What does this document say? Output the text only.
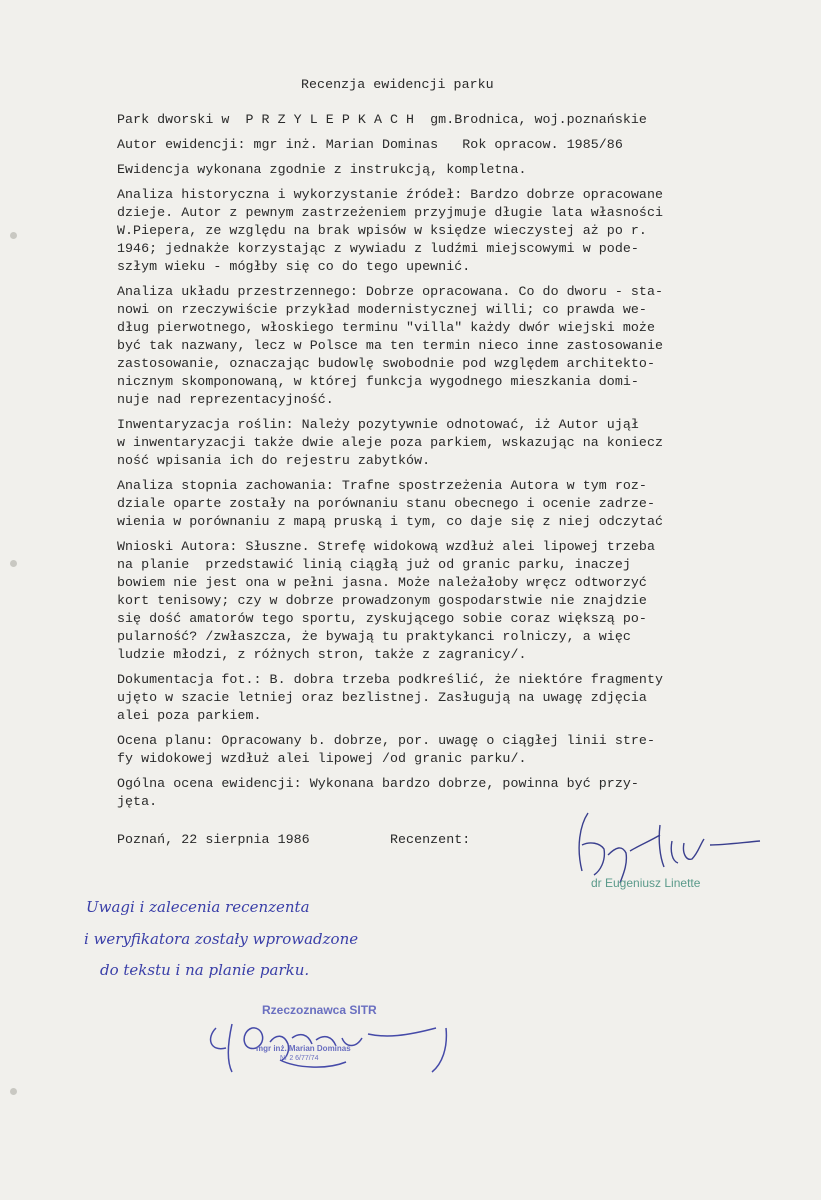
Recenzja ewidencji parku
Park dworski w  P R Z Y L E P K A C H  gm.Brodnica, woj.poznańskie
Autor ewidencji: mgr inż. Marian Dominas   Rok opracow. 1985/86
Ewidencja wykonana zgodnie z instrukcją, kompletna.
Analiza historyczna i wykorzystanie źródeł: Bardzo dobrze opracowane
dzieje. Autor z pewnym zastrzeżeniem przyjmuje długie lata własności
W.Piepera, ze względu na brak wpisów w księdze wieczystej aż po r.
1946; jednakże korzystając z wywiadu z ludźmi miejscowymi w pode-
szłym wieku - mógłby się co do tego upewnić.
Analiza układu przestrzennego: Dobrze opracowana. Co do dworu - sta-
nowi on rzeczywiście przykład modernistycznej willi; co prawda we-
dług pierwotnego, włoskiego terminu "villa" każdy dwór wiejski może
być tak nazwany, lecz w Polsce ma ten termin nieco inne zastosowanie
zastosowanie, oznaczając budowlę swobodnie pod względem architekto-
nicznym skomponowaną, w której funkcja wygodnego mieszkania domi-
nuje nad reprezentacyjność.
Inwentaryzacja roślin: Należy pozytywnie odnotować, iż Autor ujął
w inwentaryzacji także dwie aleje poza parkiem, wskazując na koniecz
ność wpisania ich do rejestru zabytków.
Analiza stopnia zachowania: Trafne spostrzeżenia Autora w tym roz-
dziale oparte zostały na porównaniu stanu obecnego i ocenie zadrze-
wienia w porównaniu z mapą pruską i tym, co daje się z niej odczytać
Wnioski Autora: Słuszne. Strefę widokową wzdłuż alei lipowej trzeba
na planie  przedstawić linią ciągłą już od granic parku, inaczej
bowiem nie jest ona w pełni jasna. Może należałoby wręcz odtworzyć
kort tenisowy; czy w dobrze prowadzonym gospodarstwie nie znajdzie
się dość amatorów tego sportu, zyskującego sobie coraz większą po-
pularność? /zwłaszcza, że bywają tu praktykanci rolniczy, a więc
ludzie młodzi, z różnych stron, także z zagranicy/.
Dokumentacja fot.: B. dobra trzeba podkreślić, że niektóre fragmenty
ujęto w szacie letniej oraz bezlistnej. Zasługują na uwagę zdjęcia
alei poza parkiem.
Ocena planu: Opracowany b. dobrze, por. uwagę o ciągłej linii stre-
fy widokowej wzdłuż alei lipowej /od granic parku/.
Ogólna ocena ewidencji: Wykonana bardzo dobrze, powinna być przy-
jęta.
Poznań, 22 sierpnia 1986          Recenzent:
dr Eugeniusz Linette
Uwagi i zalecenia recenzenta
i weryfikatora zostały wprowadzone
do tekstu i na planie parku.
Rzeczoznawca SITR
mgr inż. Marian Dominas
Nr 2 6/77/74
